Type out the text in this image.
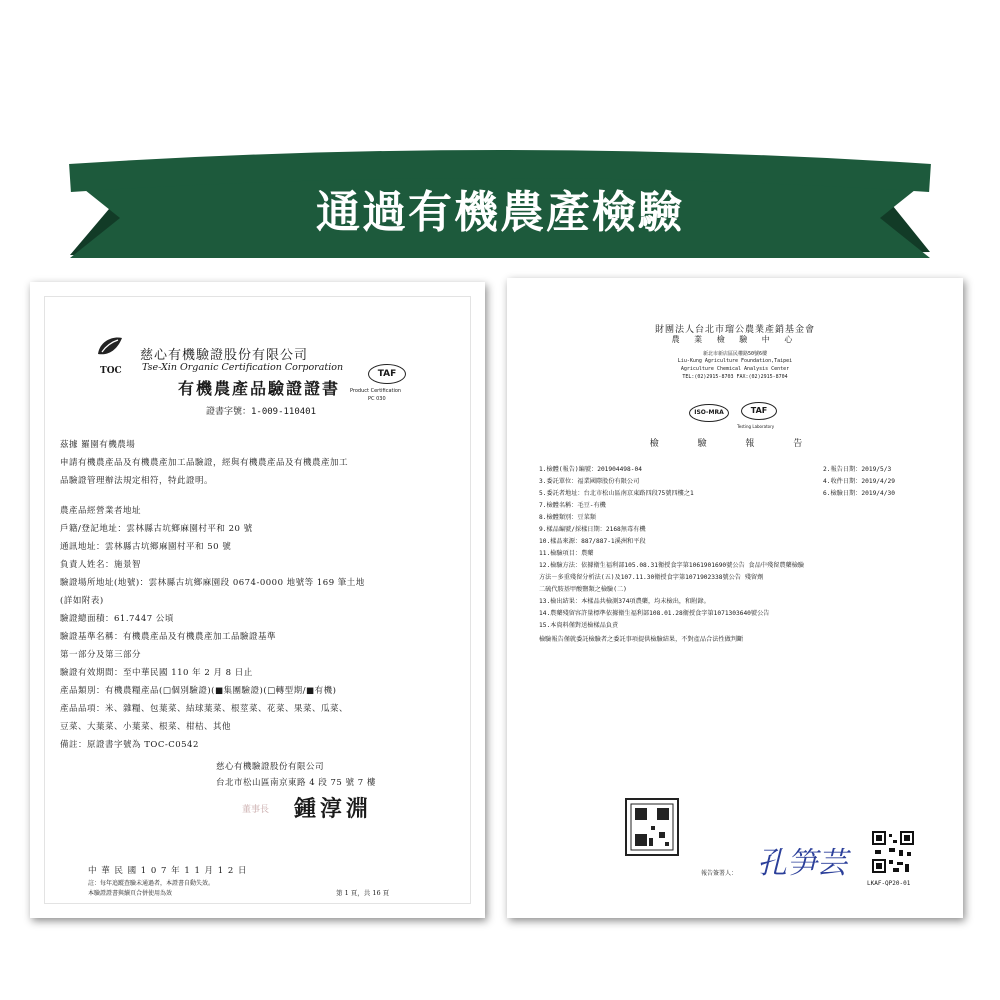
通過有機農產檢驗
TOC
慈心有機驗證股份有限公司
Tse-Xin Organic Certification Corporation
有機農產品驗證證書
TAF
Product Certification
PC 030
證書字號：1-009-110401
茲據 羅園有機農場
申請有機農產品及有機農產加工品驗證，經與有機農產品及有機農產加工
品驗證管理辦法規定相符，特此證明。
農產品經營業者地址
戶籍/登記地址：雲林縣古坑鄉麻園村平和 20 號
通訊地址：雲林縣古坑鄉麻園村平和 50 號
負責人姓名：施景智
驗證場所地址(地號)：雲林縣古坑鄉麻園段 0674-0000 地號等 169 筆土地
(詳如附表)
驗證總面積：61.7447 公頃
驗證基準名稱：有機農產品及有機農產加工品驗證基準
第一部分及第三部分
驗證有效期間：至中華民國 110 年 2 月 8 日止
產品類別：有機農糧產品(□個別驗證)(■集團驗證)(□轉型期/■有機)
產品品項：米、雜糧、包葉菜、結球葉菜、根莖菜、花菜、果菜、瓜菜、
豆菜、大葉菜、小葉菜、根菜、柑桔、其他
備註：原證書字號為 TOC-C0542
慈心有機驗證股份有限公司
台北市松山區南京東路 4 段 75 號 7 樓
董事長 鍾淳淵
中 華 民 國 1 0 7 年 1 1 月 1 2 日
註：每年追蹤查驗未通過者，本證書自動失效。
本驗證證書與續頁合併使用為效	第 1 頁，共 16 頁
財團法人台北市瑠公農業產銷基金會
農 業 檢 驗 中 心
新北市新店區民權路50號6樓
Liu-Kung Agriculture Foundation,Taipei
Agriculture Chemical Analysis Center
TEL:(02)2915-8703 FAX:(02)2915-8704
ISO-MRA	TAF
Testing Laboratory
檢 驗 報 告
1.檢體(報告)編號：201904498-04
3.委託單位：福業國際股份有限公司
5.委託者地址：台北市松山區南京東路四段75號四樓之1
7.檢體名稱：毛豆-有機
8.檢體類別：豆菜類
9.樣品編號/採樣日期：2168無毒有機
10.樣品來源：887/887-1溪洲和平段
11.檢驗項目：農藥
12.檢驗方法：依據衛生福利部105.08.31衛授食字第1061901690號公告 食品中殘留農藥檢驗
方法－多重殘留分析法(五)及107.11.30衛授食字第1071902338號公告 殘留劑
二硫代胺基甲酸鹽類之檢驗(二)
13.檢出結果：本樣品共檢測374項農藥，均未檢出，和附錄。
14.農藥殘留容許量標準依據衛生福利部108.01.28衛授食字第1071303640號公告
15.本資料僅對送檢樣品負責
檢驗報告僅就委託檢驗者之委託事項提供檢驗結果，不對產品合法性做判斷
2.報告日期：2019/5/3
4.收件日期：2019/4/29
6.檢驗日期：2019/4/30
孔笋芸
報告簽署人：
LKAF-QP20-01
